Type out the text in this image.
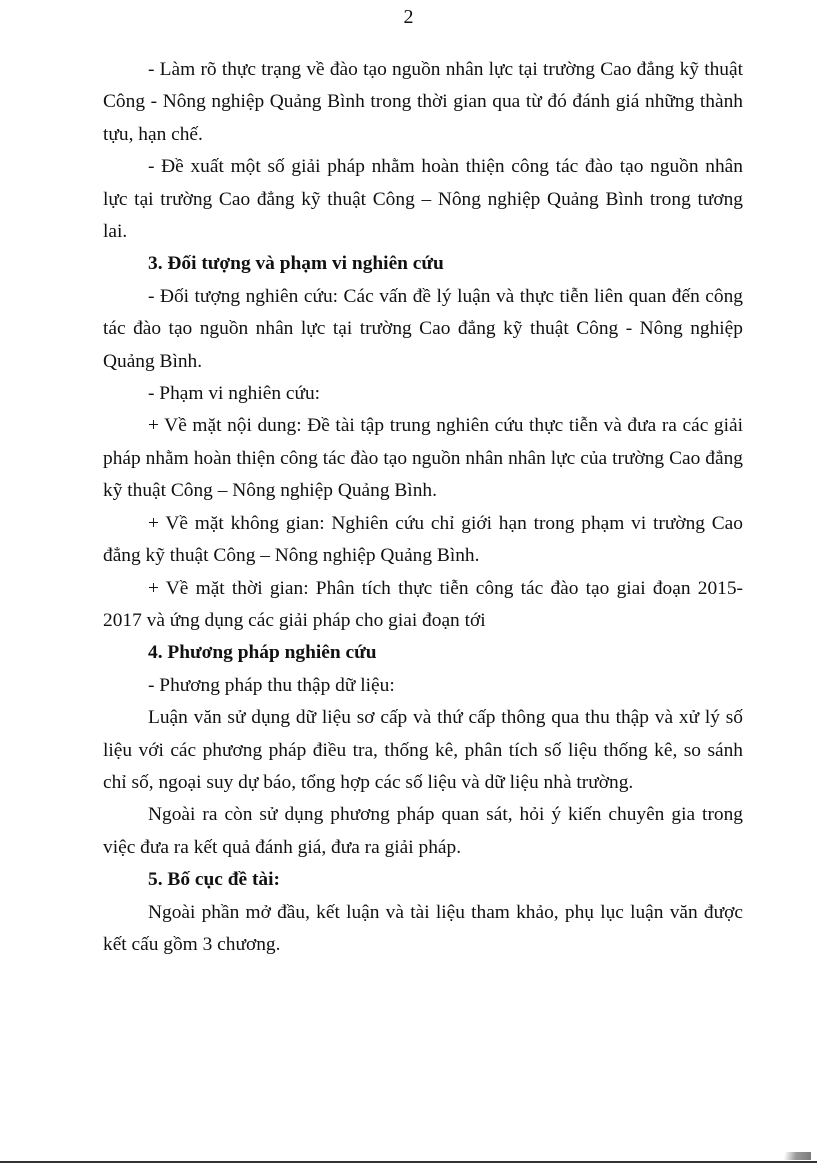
2

- Làm rõ thực trạng về đào tạo nguồn nhân lực tại trường Cao đẳng kỹ thuật Công - Nông nghiệp Quảng Bình trong thời gian qua từ đó đánh giá những thành tựu, hạn chế.

- Đề xuất một số giải pháp nhằm hoàn thiện công tác đào tạo nguồn nhân lực tại trường Cao đẳng kỹ thuật Công – Nông nghiệp Quảng Bình trong tương lai.

3. Đối tượng và phạm vi nghiên cứu

- Đối tượng nghiên cứu: Các vấn đề lý luận và thực tiễn liên quan đến công tác đào tạo nguồn nhân lực tại trường Cao đẳng kỹ thuật Công - Nông nghiệp Quảng Bình.

- Phạm vi nghiên cứu:

+ Về mặt nội dung: Đề tài tập trung nghiên cứu thực tiễn và đưa ra các giải pháp nhằm hoàn thiện công tác đào tạo nguồn nhân nhân lực của trường Cao đẳng kỹ thuật Công – Nông nghiệp Quảng Bình.

+ Về mặt không gian: Nghiên cứu chỉ giới hạn trong phạm vi trường Cao đẳng kỹ thuật Công – Nông nghiệp Quảng Bình.

+ Về mặt thời gian: Phân tích thực tiễn công tác đào tạo giai đoạn 2015-2017 và ứng dụng các giải pháp cho giai đoạn tới

4. Phương pháp nghiên cứu

- Phương pháp thu thập dữ liệu:

Luận văn sử dụng dữ liệu sơ cấp và thứ cấp thông qua thu thập và xử lý số liệu với các phương pháp điều tra, thống kê, phân tích số liệu thống kê, so sánh chỉ số, ngoại suy dự báo, tổng hợp các số liệu và dữ liệu nhà trường.

Ngoài ra còn sử dụng phương pháp quan sát, hỏi ý kiến chuyên gia trong việc đưa ra kết quả đánh giá, đưa ra giải pháp.

5. Bố cục đề tài:

Ngoài phần mở đầu, kết luận và tài liệu tham khảo, phụ lục luận văn được kết cấu gồm 3 chương.
